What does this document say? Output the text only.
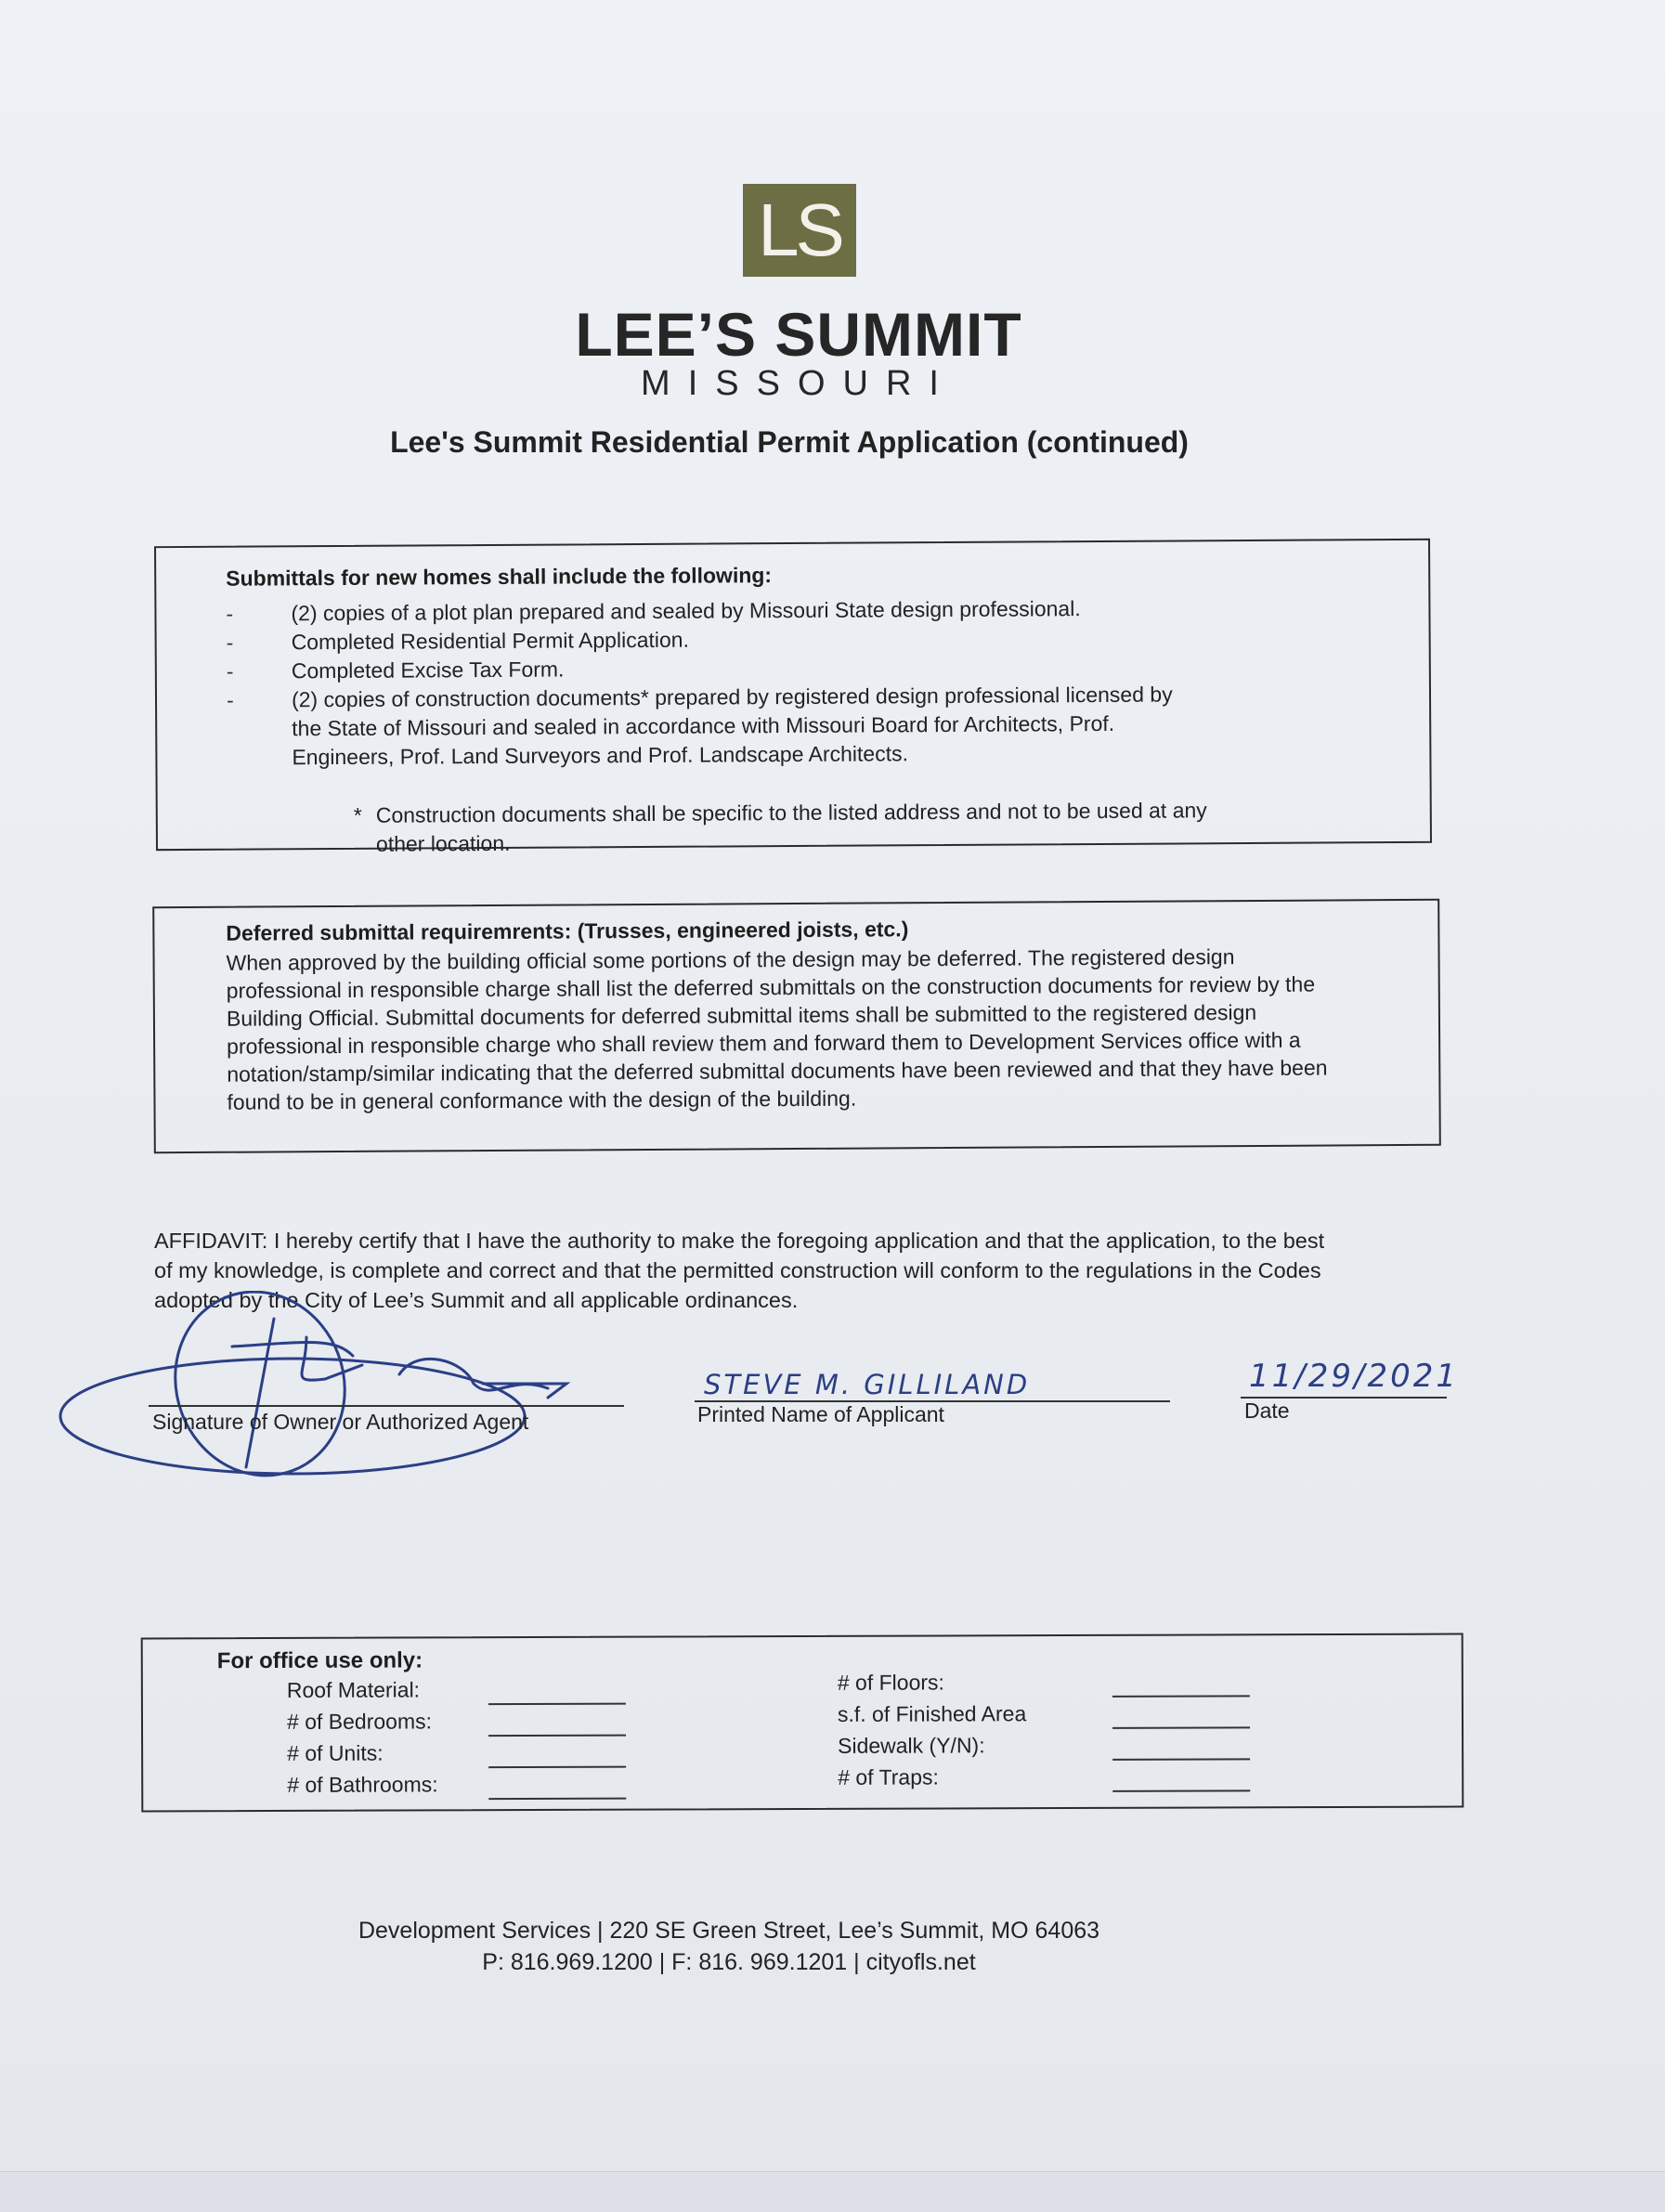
LS
LEE’S SUMMIT
MISSOURI
Lee's Summit Residential Permit Application (continued)
Submittals for new homes shall include the following:
- (2) copies of a plot plan prepared and sealed by Missouri State design professional.
- Completed Residential Permit Application.
- Completed Excise Tax Form.
- (2) copies of construction documents* prepared by registered design professional licensed by the State of Missouri and sealed in accordance with Missouri Board for Architects, Prof. Engineers, Prof. Land Surveyors and Prof. Landscape Architects.
* Construction documents shall be specific to the listed address and not to be used at any other location.
Deferred submittal requiremrents: (Trusses, engineered joists, etc.)
When approved by the building official some portions of the design may be deferred. The registered design professional in responsible charge shall list the deferred submittals on the construction documents for review by the Building Official. Submittal documents for deferred submittal items shall be submitted to the registered design professional in responsible charge who shall review them and forward them to Development Services office with a notation/stamp/similar indicating that the deferred submittal documents have been reviewed and that they have been found to be in general conformance with the design of the building.
AFFIDAVIT: I hereby certify that I have the authority to make the foregoing application and that the application, to the best of my knowledge, is complete and correct and that the permitted construction will conform to the regulations in the Codes adopted by the City of Lee’s Summit and all applicable ordinances.
Signature of Owner or Authorized Agent
STEVE M. GILLILAND
Printed Name of Applicant
11/29/2021
Date
For office use only:
Roof Material:
# of Bedrooms:
# of Units:
# of Bathrooms:
# of Floors:
s.f. of Finished Area
Sidewalk (Y/N):
# of Traps:
Development Services | 220 SE Green Street, Lee’s Summit, MO 64063
P: 816.969.1200 | F: 816. 969.1201 | cityofls.net
